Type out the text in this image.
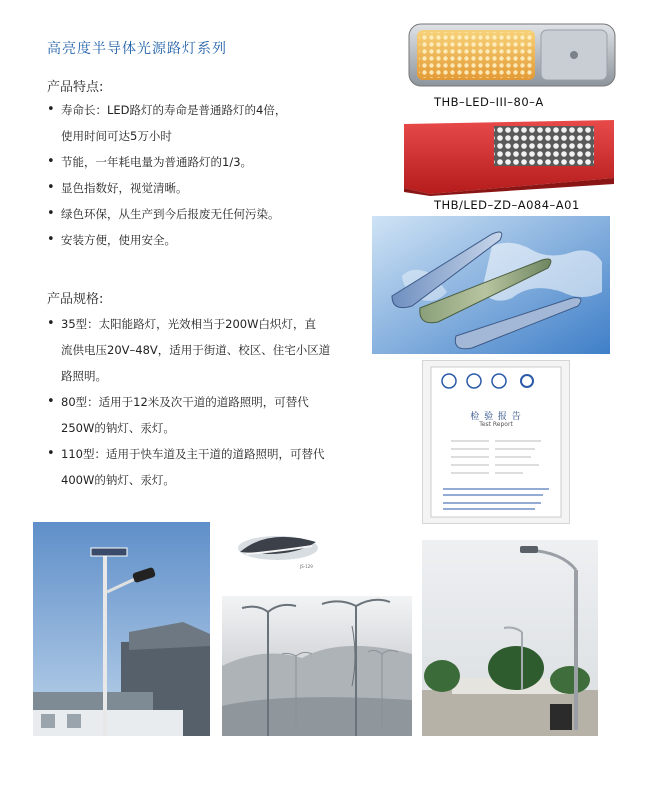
高亮度半导体光源路灯系列
产品特点:
• 寿命长：LED路灯的寿命是普通路灯的4倍，
使用时间可达5万小时
• 节能，一年耗电量为普通路灯的1/3。
• 显色指数好，视觉清晰。
• 绿色环保，从生产到今后报废无任何污染。
• 安装方便，使用安全。
产品规格:
• 35型：太阳能路灯，光效相当于200W白炽灯，直
流供电压20V–48V，适用于街道、校区、住宅小区道
路照明。
• 80型：适用于12米及次干道的道路照明，可替代
250W的钠灯、汞灯。
• 110型：适用于快车道及主干道的道路照明，可替代
400W的钠灯、汞灯。
THB–LED–III–80–A
THB/LED–ZD–A084–A01
检 验 报 告
Test Report
JS-129
